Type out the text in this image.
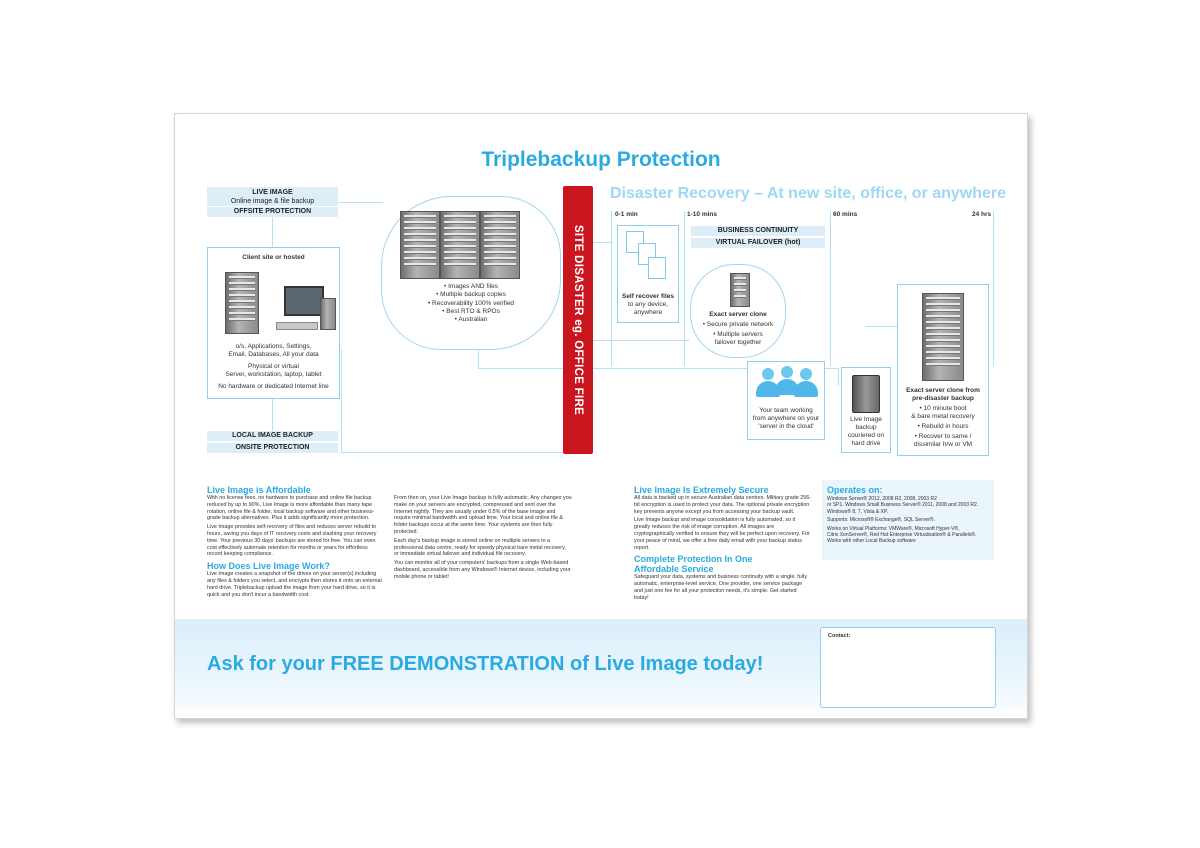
Triplebackup Protection
LIVE IMAGE
Online image & file backup
OFFSITE PROTECTION
Client site or hosted
o/s, Applications, Settings,
Email, Databases, All your data
Physical or virtual
Server, workstation, laptop, tablet
No hardware or dedicated Internet line
LOCAL IMAGE BACKUP
ONSITE PROTECTION
• Images AND files
• Multiple backup copies
• Recoverability 100% verified
• Best RTO & RPOs
• Australian	SITE DISASTER eg. OFFICE FIRE
Disaster Recovery – At new site, office, or anywhere
0-1 min	1-10 mins	60 mins	24 hrs
BUSINESS CONTINUITY
VIRTUAL FAILOVER (hot)
Self recover files
to any device,
anywhere	Exact server clone
• Secure private network
• Multiple servers
failover together
Your team working
from anywhere on your
'server in the cloud'
Live Image
backup
couriered on
hard drive
Exact server clone from
pre-disaster backup
• 10 minute boot
& bare metal recovery
• Rebuild in hours
• Recover to same /
dissimilar h/w or VM
Live Image is Affordable

With no license fees, no hardware to purchase and online file backup reduced by up to 90%, Live Image is more affordable than many tape rotation, online file & folder, local backup software and other business-grade backup alternatives. Plus it adds significantly more protection.

Live Image provides self-recovery of files and reduces server rebuild to hours, saving you days of IT recovery costs and slashing your recovery time. Your previous 30 days' backups are stored for free. You can even cost effectively automate retention for months or years for effortless record keeping compliance.

How Does Live Image Work?

Live Image creates a snapshot of the drives on your server(s) including any files & folders you select, and encrypts then stores it onto an external hard drive. Triplebackup upload the image from your hard drive, so it is quick and you don't incur a bandwidth cost.

From then on, your Live Image backup is fully automatic. Any changes you make on your servers are encrypted, compressed and sent over the Internet nightly. They are usually under 0.5% of the base image and require minimal bandwidth and upload time. Your local and online file & folder backups occur at the same time. Your systems are then fully protected.

Each day's backup image is stored online on multiple servers in a professional data centre, ready for speedy physical bare metal recovery, or immediate virtual failover and individual file recovery.

You can monitor all of your computers' backups from a single Web-based dashboard, accessible from any Windows® Internet device, including your mobile phone or tablet!

Live Image Is Extremely Secure

All data is backed up in secure Australian data centres. Military grade 256-bit encryption is used to protect your data. The optional private encryption key prevents anyone except you from accessing your backup vault.

Live Image backup and image consolidation is fully automated, so it greatly reduces the risk of image corruption. All images are cryptographically verified to ensure they will be perfect upon recovery. For your peace of mind, we offer a free daily email with your backup status report.

Complete Protection In One
Affordable Service

Safeguard your data, systems and business continuity with a single, fully automatic, enterprise-level service. One provider, one service package and just one fee for all your protection needs, it's simple. Get started today!

Operates on:
Windows Server® 2012, 2008 R2, 2008, 2003 R2
or SP1. Windows Small Business Server® 2011, 2008 and 2003 R2.
Windows® 8, 7, Vista & XP.
Supports: Microsoft® Exchange®, SQL Server®.
Works on Virtual Platforms: VMWare®, Microsoft Hyper-V®,
Citrix XenServer®, Red Hat Enterprise Virtualisation® & Parallels®.
Works with other Local Backup software
Ask for your FREE DEMONSTRATION of Live Image today!
Contact:
